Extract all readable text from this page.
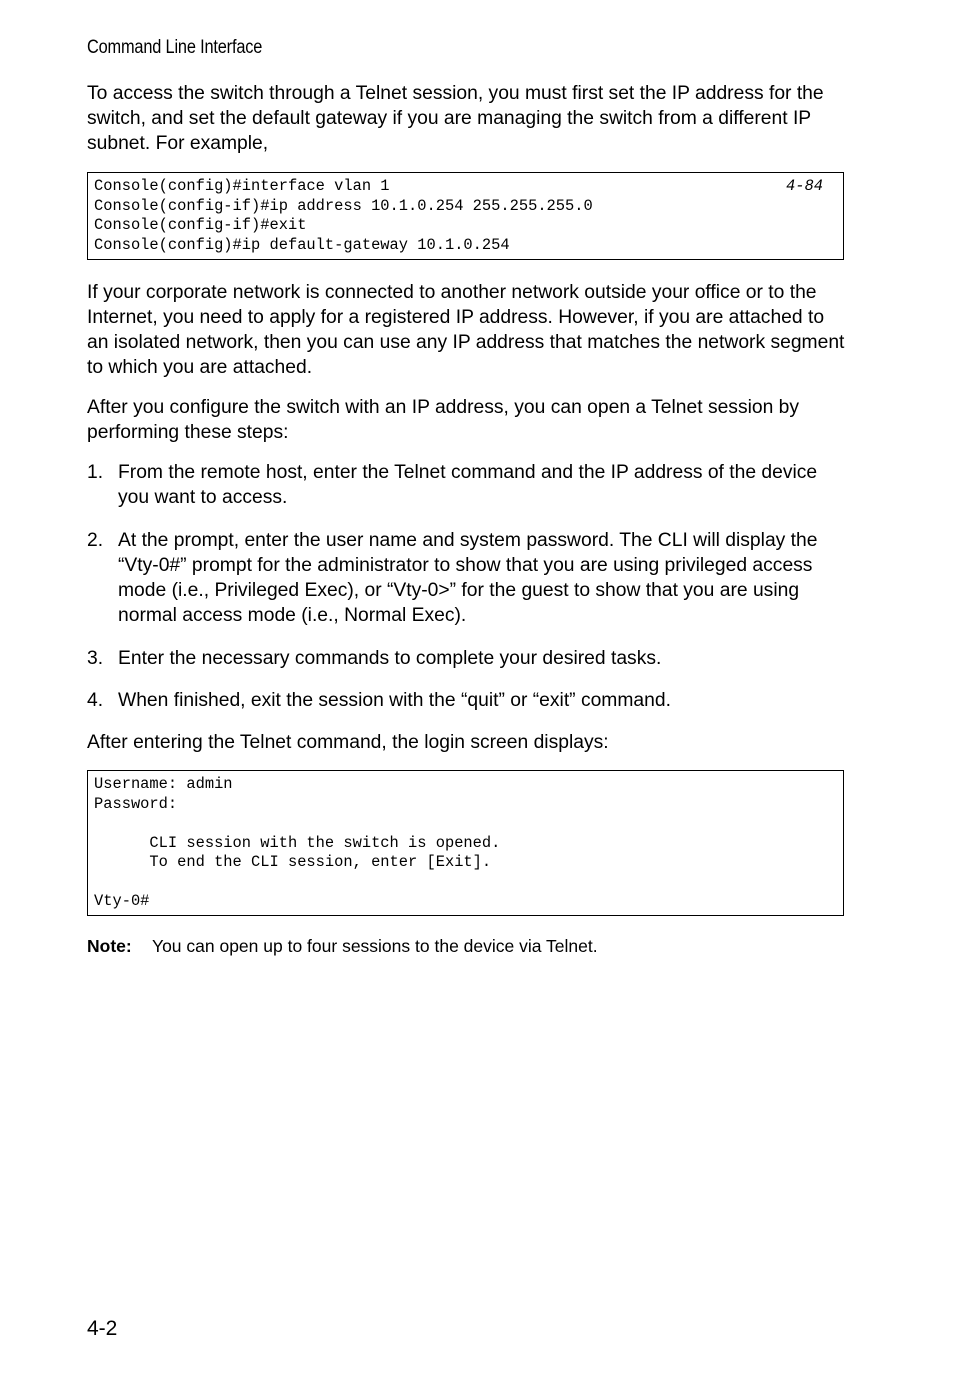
Command Line Interface

To access the switch through a Telnet session, you must first set the IP address for the switch, and set the default gateway if you are managing the switch from a different IP subnet. For example,

Console(config)#interface vlan 1
Console(config-if)#ip address 10.1.0.254 255.255.255.0
Console(config-if)#exit
Console(config)#ip default-gateway 10.1.0.254
4-84

If your corporate network is connected to another network outside your office or to the Internet, you need to apply for a registered IP address. However, if you are attached to an isolated network, then you can use any IP address that matches the network segment to which you are attached.

After you configure the switch with an IP address, you can open a Telnet session by performing these steps:

1. From the remote host, enter the Telnet command and the IP address of the device you want to access.
2. At the prompt, enter the user name and system password. The CLI will display the “Vty-0#” prompt for the administrator to show that you are using privileged access mode (i.e., Privileged Exec), or “Vty-0>” for the guest to show that you are using normal access mode (i.e., Normal Exec).
3. Enter the necessary commands to complete your desired tasks.
4. When finished, exit the session with the “quit” or “exit” command.

After entering the Telnet command, the login screen displays:

Username: admin
Password:
CLI session with the switch is opened.
To end the CLI session, enter [Exit].
Vty-0#
Note: You can open up to four sessions to the device via Telnet.
4-2
